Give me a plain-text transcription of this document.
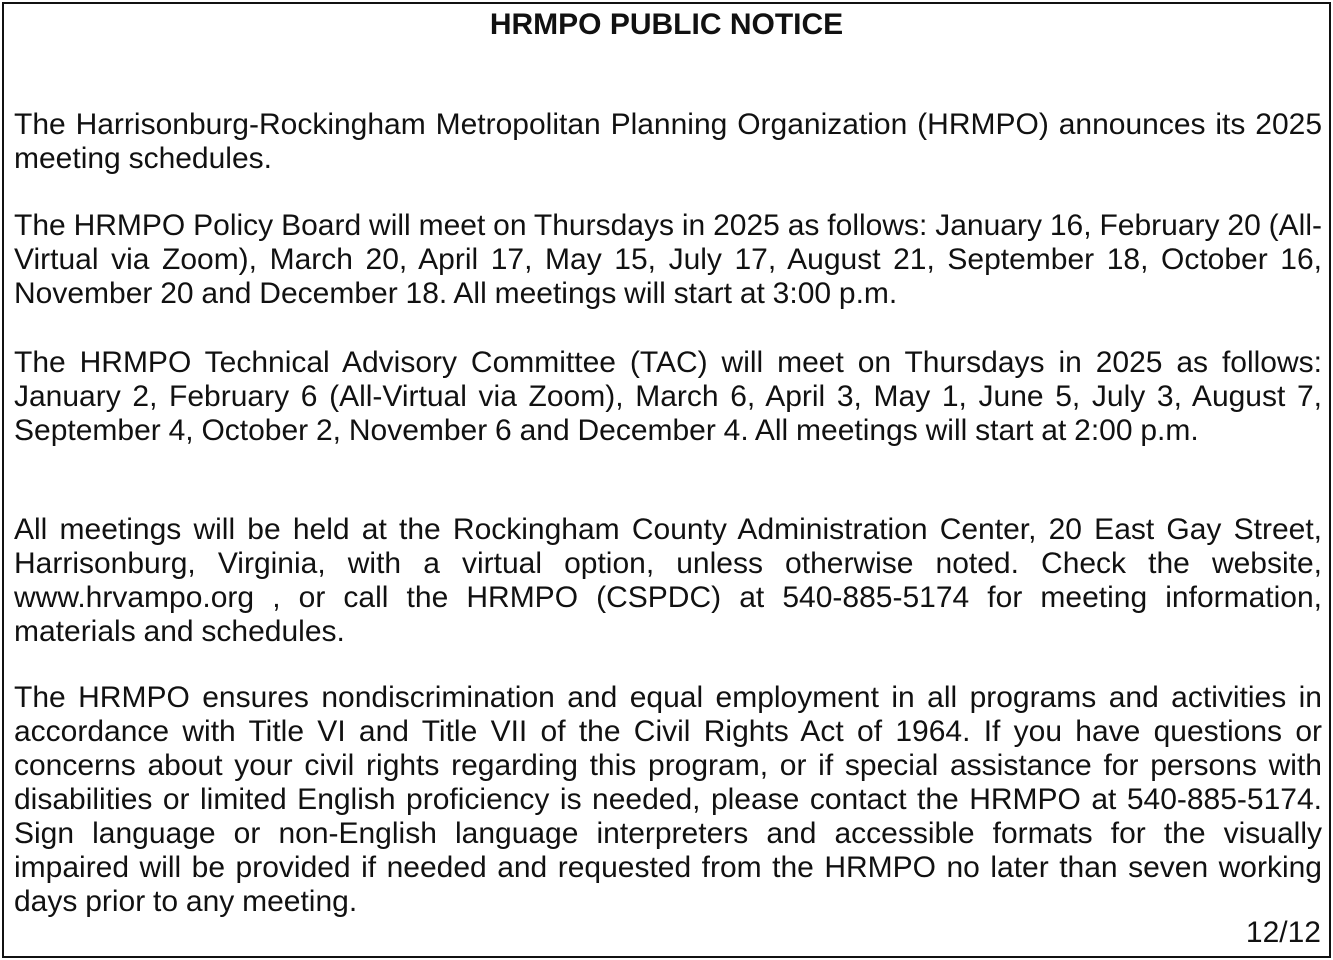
HRMPO PUBLIC NOTICE

The Harrisonburg-Rockingham Metropolitan Planning Organization (HRMPO) announces its 2025 meeting schedules.

The HRMPO Policy Board will meet on Thursdays in 2025 as follows: January 16, February 20 (All-Virtual via Zoom), March 20, April 17, May 15, July 17, August 21, September 18, October 16, November 20 and December 18. All meetings will start at 3:00 p.m.

The HRMPO Technical Advisory Committee (TAC) will meet on Thursdays in 2025 as follows: January 2, February 6 (All-Virtual via Zoom), March 6, April 3, May 1, June 5, July 3, August 7, September 4, October 2, November 6 and December 4. All meetings will start at 2:00 p.m.

All meetings will be held at the Rockingham County Administration Center, 20 East Gay Street, Harrisonburg, Virginia, with a virtual option, unless otherwise noted. Check the website, www.hrvampo.org , or call the HRMPO (CSPDC) at 540-885-5174 for meeting information, materials and schedules.

The HRMPO ensures nondiscrimination and equal employment in all programs and activities in accordance with Title VI and Title VII of the Civil Rights Act of 1964. If you have questions or concerns about your civil rights regarding this program, or if special assistance for persons with disabilities or limited English proficiency is needed, please contact the HRMPO at 540-885-5174. Sign language or non-English language interpreters and accessible formats for the visually impaired will be provided if needed and requested from the HRMPO no later than seven working days prior to any meeting.

12/12
